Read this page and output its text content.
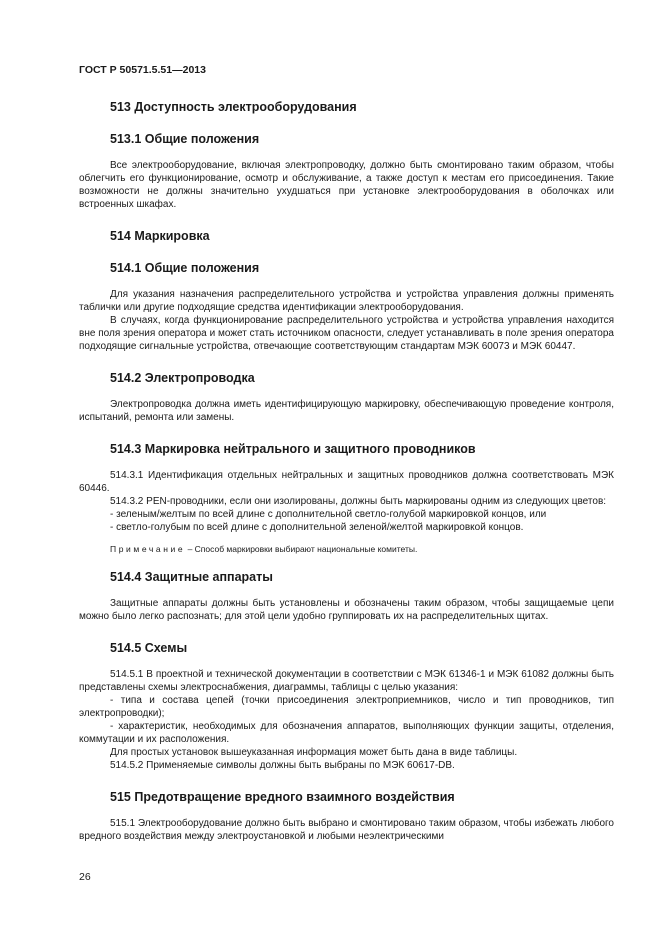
ГОСТ Р 50571.5.51—2013
513 Доступность электрооборудования
513.1 Общие положения

Все электрооборудование, включая электропроводку, должно быть смонтировано таким образом, чтобы облегчить его функционирование, осмотр и обслуживание, а также доступ к местам его присоединения. Такие возможности не должны значительно ухудшаться при установке электрооборудования в оболочках или встроенных шкафах.

514 Маркировка
514.1 Общие положения

Для указания назначения распределительного устройства и устройства управления должны применять таблички или другие подходящие средства идентификации электрооборудования.

В случаях, когда функционирование распределительного устройства и устройства управления находится вне поля зрения оператора и может стать источником опасности, следует устанавливать в поле зрения оператора подходящие сигнальные устройства, отвечающие соответствующим стандартам МЭК 60073 и МЭК 60447.

514.2 Электропроводка

Электропроводка должна иметь идентифицирующую маркировку, обеспечивающую проведение контроля, испытаний, ремонта или замены.

514.3 Маркировка нейтрального и защитного проводников

514.3.1 Идентификация отдельных нейтральных и защитных проводников должна соответствовать МЭК 60446.

514.3.2 PEN-проводники, если они изолированы, должны быть маркированы одним из следующих цветов:

- зеленым/желтым по всей длине с дополнительной светло-голубой маркировкой концов, или

- светло-голубым по всей длине с дополнительной зеленой/желтой маркировкой концов.

Примечание – Способ маркировки выбирают национальные комитеты.

514.4 Защитные аппараты

Защитные аппараты должны быть установлены и обозначены таким образом, чтобы защищаемые цепи можно было легко распознать; для этой цели удобно группировать их на распределительных щитах.

514.5 Схемы

514.5.1 В проектной и технической документации в соответствии с МЭК 61346-1 и МЭК 61082 должны быть представлены схемы электроснабжения, диаграммы, таблицы с целью указания:

- типа и состава цепей (точки присоединения электроприемников, число и тип проводников, тип электропроводки);

- характеристик, необходимых для обозначения аппаратов, выполняющих функции защиты, отделения, коммутации и их расположения.

Для простых установок вышеуказанная информация может быть дана в виде таблицы.

514.5.2 Применяемые символы должны быть выбраны по МЭК 60617-DB.

515 Предотвращение вредного взаимного воздействия

515.1 Электрооборудование должно быть выбрано и смонтировано таким образом, чтобы избежать любого вредного воздействия между электроустановкой и любыми неэлектрическими

26
